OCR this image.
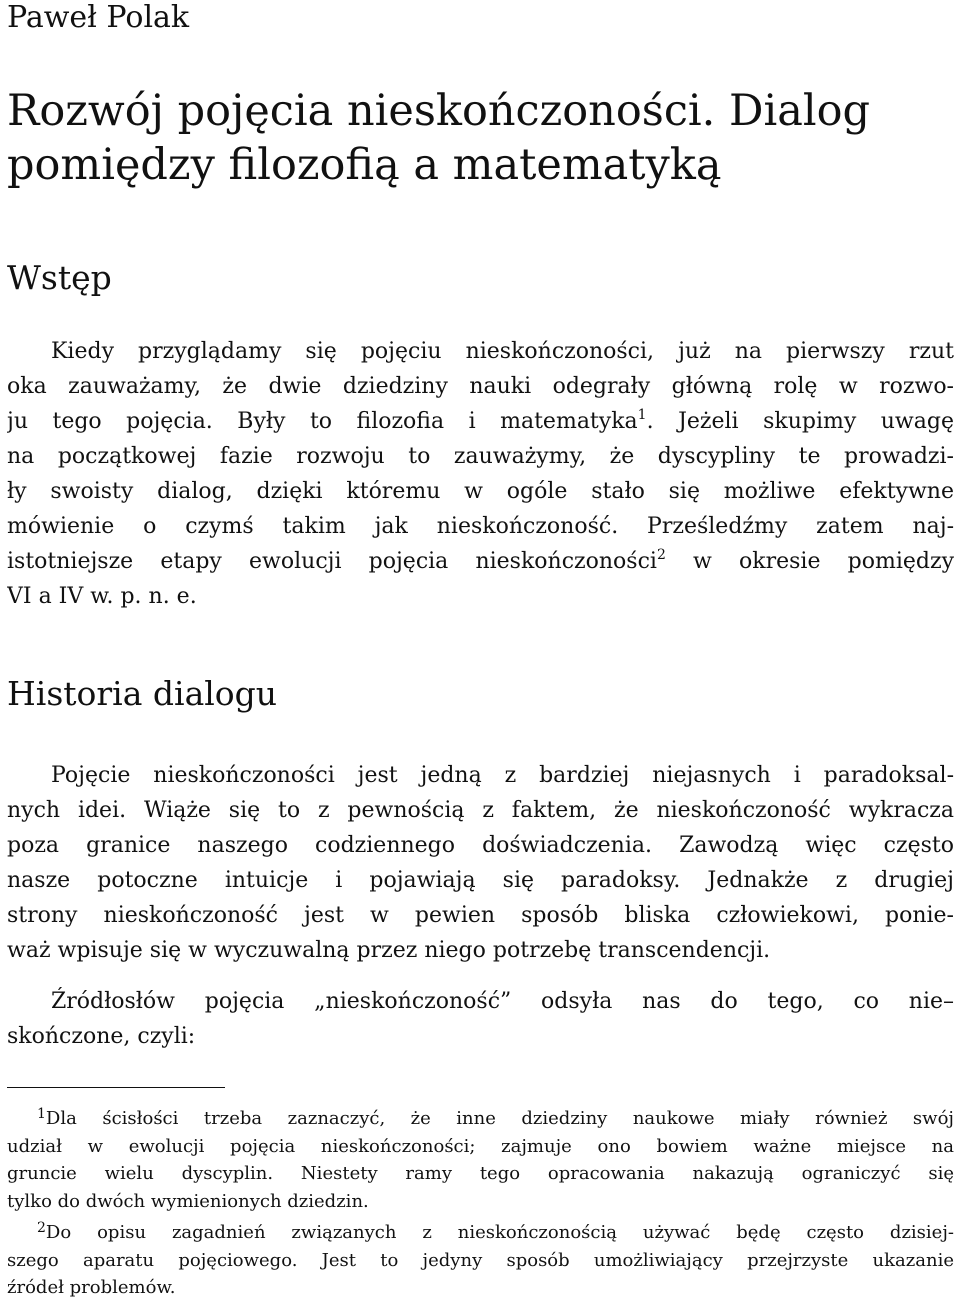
Paweł Polak
Rozwój pojęcia nieskończoności. Dialog
pomiędzy filozofią a matematyką
Wstęp
Kiedy przyglądamy się pojęciu nieskończoności, już na pierwszy rzut
oka zauważamy, że dwie dziedziny nauki odegrały główną rolę w rozwo-
ju tego pojęcia. Były to filozofia i matematyka$^1$. Jeżeli skupimy uwagę
na początkowej fazie rozwoju to zauważymy, że dyscypliny te prowadzi-
ły swoisty dialog, dzięki któremu w ogóle stało się możliwe efektywne
mówienie o czymś takim jak nieskończoność. Prześledźmy zatem naj-
istotniejsze etapy ewolucji pojęcia nieskończoności$^2$ w okresie pomiędzy
VI a IV w. p. n. e.
Historia dialogu
Pojęcie nieskończoności jest jedną z bardziej niejasnych i paradoksal-
nych idei. Wiąże się to z pewnością z faktem, że nieskończoność wykracza
poza granice naszego codziennego doświadczenia. Zawodzą więc często
nasze potoczne intuicje i pojawiają się paradoksy. Jednakże z drugiej
strony nieskończoność jest w pewien sposób bliska człowiekowi, ponie-
waż wpisuje się w wyczuwalną przez niego potrzebę transcendencji.
Źródłosłów pojęcia „nieskończoność” odsyła nas do tego, co nie–
skończone, czyli:
$^1$Dla ścisłości trzeba zaznaczyć, że inne dziedziny naukowe miały również swój
udział w ewolucji pojęcia nieskończoności; zajmuje ono bowiem ważne miejsce na
gruncie wielu dyscyplin. Niestety ramy tego opracowania nakazują ograniczyć się
tylko do dwóch wymienionych dziedzin.
$^2$Do opisu zagadnień związanych z nieskończonością używać będę często dzisiej-
szego aparatu pojęciowego. Jest to jedyny sposób umożliwiający przejrzyste ukazanie
źródeł problemów.
